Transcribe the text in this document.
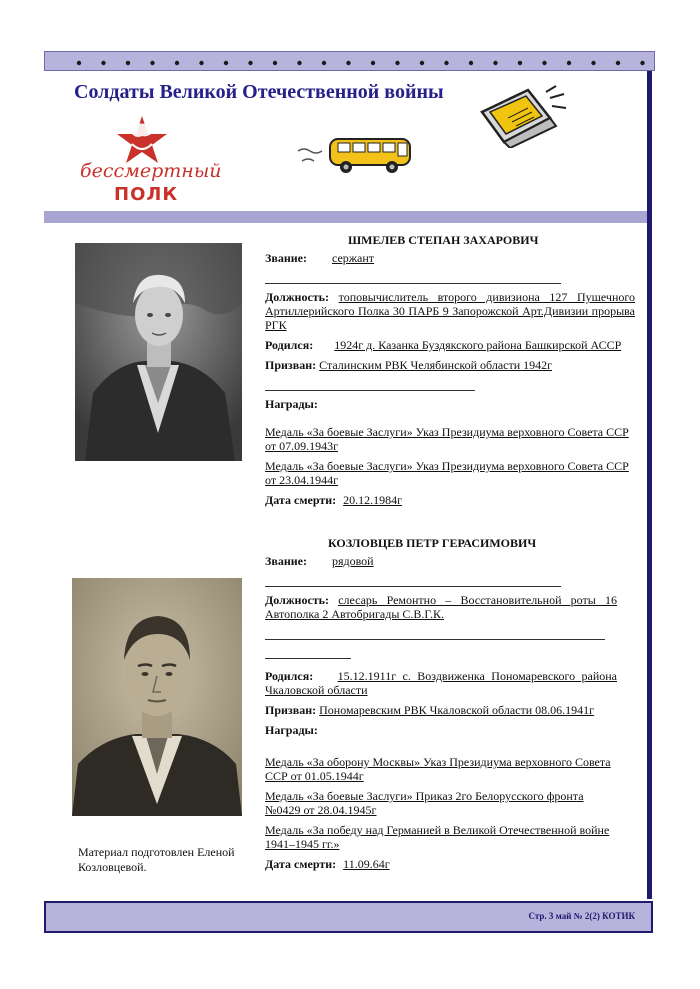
Солдаты Великой Отечественной войны
бессмертный
ПОЛК
ШМЕЛЕВ СТЕПАН ЗАХАРОВИЧ
Звание: сержант
Должность: топовычислитель второго дивизиона 127 Пушечного Артиллерийского Полка 30 ПАРБ 9 Запорожской Арт.Дивизии прорыва РГК
Родился: 1924г д. Казанка Буздякского района Башкирской АССР
Призван: Сталинским РВК Челябинской области 1942г
Награды:
Медаль «За боевые Заслуги» Указ Президиума верховного Совета ССР от 07.09.1943г
Медаль «За боевые Заслуги» Указ Президиума верховного Совета ССР от 23.04.1944г
Дата смерти: 20.12.1984г
КОЗЛОВЦЕВ ПЕТР ГЕРАСИМОВИЧ
Звание: рядовой
Должность: слесарь Ремонтно – Восстановительной роты 16 Автополка 2 Автобригады С.В.Г.К.
Родился: 15.12.1911г с. Воздвиженка Пономаревского района Чкаловской области
Призван: Пономаревским РВК Чкаловской области 08.06.1941г
Награды:
Медаль «За оборону Москвы» Указ Президиума верховного Совета ССР от 01.05.1944г
Медаль «За боевые Заслуги» Приказ 2го Белорусского фронта №0429 от 28.04.1945г
Медаль «За победу над Германией в Великой Отечественной войне 1941–1945 гг.»
Дата смерти: 11.09.64г
Материал подготовлен Еленой Козловцевой.
Стр. 3 май № 2(2) КОТИК
